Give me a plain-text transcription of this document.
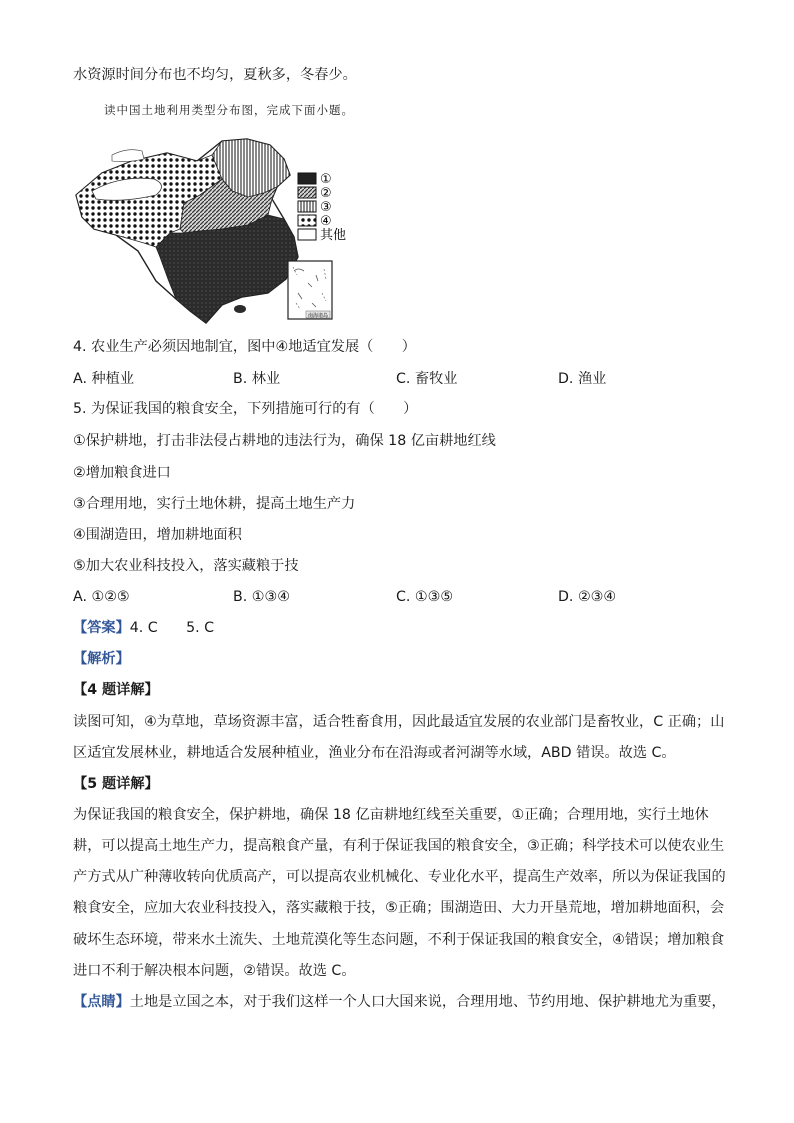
水资源时间分布也不均匀，夏秋多，冬春少。
读中国土地利用类型分布图，完成下面小题。
①
②
③
④
其他
南海诸岛
4. 农业生产必须因地制宜，图中④地适宜发展（　　）
A. 种植业	B. 林业	C. 畜牧业	D. 渔业
5. 为保证我国的粮食安全，下列措施可行的有（　　）
①保护耕地，打击非法侵占耕地的违法行为，确保 18 亿亩耕地红线
②增加粮食进口
③合理用地，实行土地休耕，提高土地生产力
④围湖造田，增加耕地面积
⑤加大农业科技投入，落实藏粮于技
A. ①②⑤	B. ①③④	C. ①③⑤	D. ②③④
【答案】4. C　　5. C
【解析】
【4 题详解】
读图可知，④为草地，草场资源丰富，适合牲畜食用，因此最适宜发展的农业部门是畜牧业，C 正确；山
区适宜发展林业，耕地适合发展种植业，渔业分布在沿海或者河湖等水域，ABD 错误。故选 C。
【5 题详解】
为保证我国的粮食安全，保护耕地，确保 18 亿亩耕地红线至关重要，①正确；合理用地，实行土地休
耕，可以提高土地生产力，提高粮食产量，有利于保证我国的粮食安全，③正确；科学技术可以使农业生
产方式从广种薄收转向优质高产，可以提高农业机械化、专业化水平，提高生产效率，所以为保证我国的
粮食安全，应加大农业科技投入，落实藏粮于技，⑤正确；围湖造田、大力开垦荒地，增加耕地面积，会
破坏生态环境，带来水土流失、土地荒漠化等生态问题，不利于保证我国的粮食安全，④错误；增加粮食
进口不利于解决根本问题，②错误。故选 C。
【点睛】土地是立国之本，对于我们这样一个人口大国来说，合理用地、节约用地、保护耕地尤为重要，
